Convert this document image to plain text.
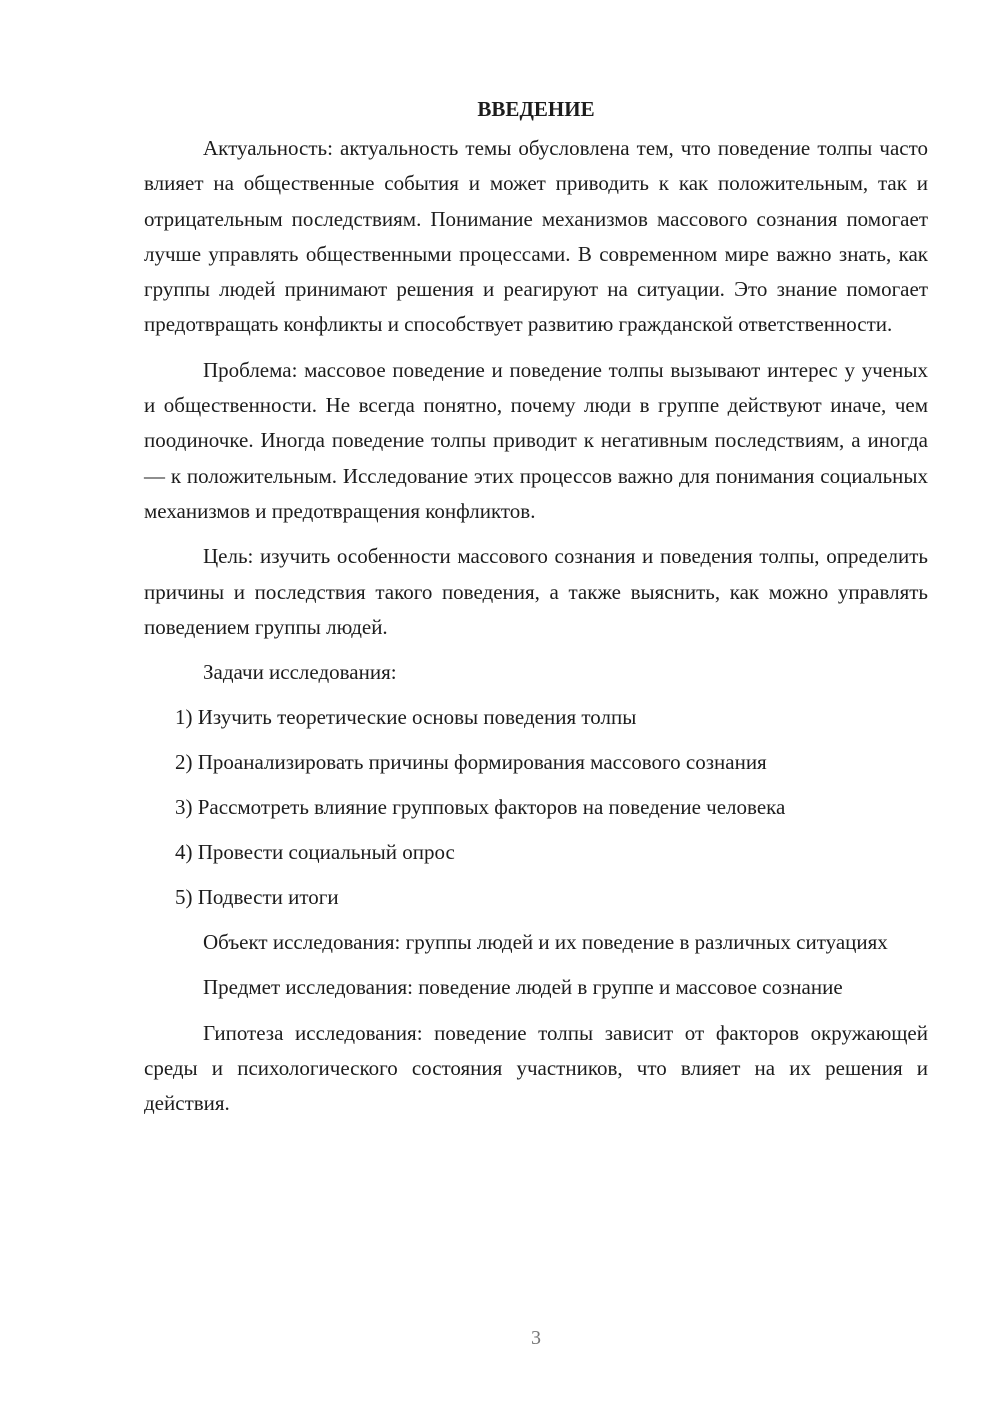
ВВЕДЕНИЕ

Актуальность: актуальность темы обусловлена тем, что поведение толпы часто влияет на общественные события и может приводить к как положительным, так и отрицательным последствиям. Понимание механизмов массового сознания помогает лучше управлять общественными процессами. В современном мире важно знать, как группы людей принимают решения и реагируют на ситуации. Это знание помогает предотвращать конфликты и способствует развитию гражданской ответственности.

Проблема: массовое поведение и поведение толпы вызывают интерес у ученых и общественности. Не всегда понятно, почему люди в группе действуют иначе, чем поодиночке. Иногда поведение толпы приводит к негативным последствиям, а иногда — к положительным. Исследование этих процессов важно для понимания социальных механизмов и предотвращения конфликтов.

Цель: изучить особенности массового сознания и поведения толпы, определить причины и последствия такого поведения, а также выяснить, как можно управлять поведением группы людей.

Задачи исследования:

1) Изучить теоретические основы поведения толпы
2) Проанализировать причины формирования массового сознания
3) Рассмотреть влияние групповых факторов на поведение человека
4) Провести социальный опрос
5) Подвести итоги

Объект исследования: группы людей и их поведение в различных ситуациях

Предмет исследования: поведение людей в группе и массовое сознание

Гипотеза исследования: поведение толпы зависит от факторов окружающей среды и психологического состояния участников, что влияет на их решения и действия.

3
